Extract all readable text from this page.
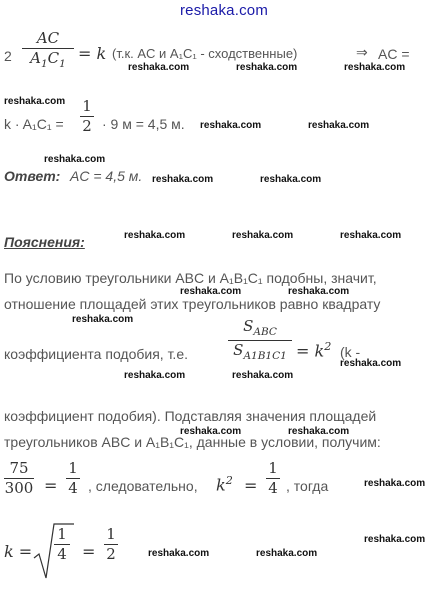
reshaka.com
2
AC
$A_1C_1$
= k (т.к. AC и A₁C₁ - сходственные)	⇒ AC =
reshaka.com	reshaka.com	reshaka.com
reshaka.com
k · A₁C₁ =
1
2 · 9 м = 4,5 м. reshaka.com	reshaka.com
reshaka.com
Ответ: AC = 4,5 м. reshaka.com	reshaka.com
Пояснения:	reshaka.com	reshaka.com	reshaka.com
По условию треугольники ABC и A₁B₁C₁ подобны, значит,
reshaka.com	reshaka.com
отношение площадей этих треугольников равно квадрату
reshaka.com
коэффициента подобия, т.е.
$S_{ABC}$
$S_{A1B1C1} = k^2$ (k -
reshaka.com	reshaka.com
reshaka.com
коэффициент подобия). Подставляя значения площадей
reshaka.com	reshaka.com
треугольников ABC и A₁B₁C₁, данные в условии, получим:
75
300 =
1
4 , следовательно, $k^2$ =
1
4 , тогда	reshaka.com
k =
1
4 =
1
2	reshaka.com	reshaka.com
reshaka.com
